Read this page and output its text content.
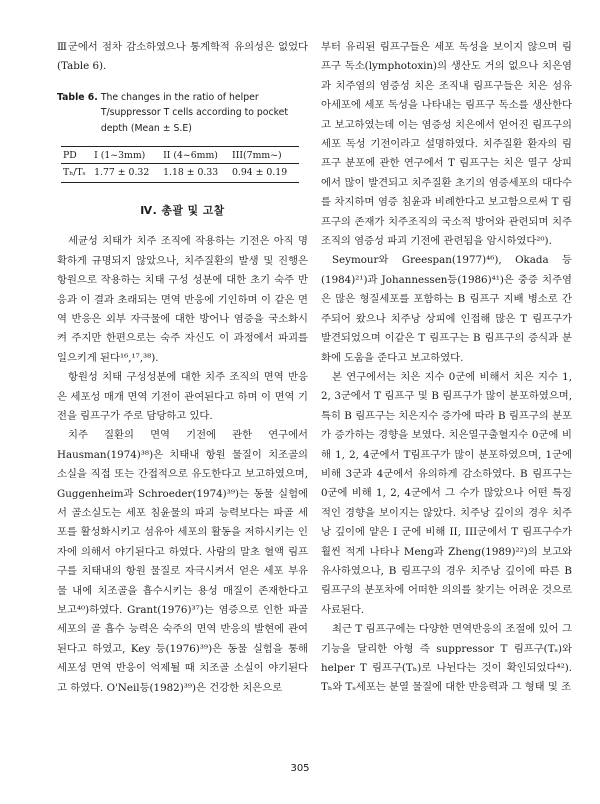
Ⅲ군에서 점차 감소하였으나 통계학적 유의성은 없었다(Table 6).

Table 6. The changes in the ratio of helper T/suppressor T cells according to pocket depth (Mean ± S.E)
PD	I (1~3mm)	II (4~6mm)	III(7mm~)
Tₕ/Tₛ	1.77 ± 0.32	1.18 ± 0.33	0.94 ± 0.19
Ⅳ. 총괄 및 고찰

세균성 치태가 치주 조직에 작용하는 기전은 아직 명확하게 규명되지 않았으나, 치주질환의 발생 및 진행은 항원으로 작용하는 치태 구성 성분에 대한 초기 숙주 반응과 이 결과 초래되는 면역 반응에 기인하며 이 같은 면역 반응은 외부 자극물에 대한 방어나 염증을 국소화시켜 주지만 한편으로는 숙주 자신도 이 과정에서 파괴를 일으키게 된다¹⁶,¹⁷,³⁸).

항원성 치태 구성성분에 대한 치주 조직의 면역 반응은 세포성 매개 면역 기전이 관여된다고 하며 이 면역 기전을 림프구가 주로 담당하고 있다.

치주 질환의 면역 기전에 관한 연구에서 Hausman(1974)³⁸)은 치태내 항원 물질이 치조골의 소실을 직접 또는 간접적으로 유도한다고 보고하였으며, Guggenheim과 Schroeder(1974)³⁹)는 동물 실험에서 골소실도는 세포 침윤물의 파괴 능력보다는 파골 세포를 활성화시키고 섬유아 세포의 활동을 저하시키는 인자에 의해서 야기된다고 하였다. 사람의 말초 혈액 림프구를 치태내의 항원 물질로 자극시켜서 얻은 세포 부유물 내에 치조골을 흡수시키는 용성 매질이 존재한다고 보고⁴⁰)하였다. Grant(1976)³⁷)는 염증으로 인한 파골 세포의 골 흡수 능력은 숙주의 면역 반응의 발현에 관여 된다고 하였고, Key 등(1976)³⁹)은 동물 실험을 통해 세포성 면역 반응이 억제될 때 치조골 소실이 야기된다고 하였다. O'Neil등(1982)³⁹)은 건강한 치은으로

부터 유리된 림프구들은 세포 독성을 보이지 않으며 림프구 독소(lymphotoxin)의 생산도 거의 없으나 치은염과 치주염의 염증성 치은 조직내 림프구들은 치은 섬유아세포에 세포 독성을 나타내는 림프구 독소를 생산한다고 보고하였는데 이는 염증성 치은에서 얻어진 림프구의 세포 독성 기전이라고 설명하였다. 치주질환 환자의 림프구 분포에 관한 연구에서 T 림프구는 치은 열구 상피에서 많이 발견되고 치주질환 초기의 염증세포의 대다수를 차지하며 염증 침윤과 비례한다고 보고함으로써 T 림프구의 존재가 치주조직의 국소적 방어와 관련되며 치주조직의 염증성 파괴 기전에 관련됨을 암시하였다²⁰).

Seymour와 Greespan(1977)⁴⁶), Okada 등(1984)²¹)과 Johannessen등(1986)⁴¹)은 중증 치주염은 많은 형질세포를 포함하는 B 림프구 지배 병소로 간주되어 왔으나 치주낭 상피에 인접해 많은 T 림프구가 발견되었으며 이같은 T 림프구는 B 림프구의 증식과 분화에 도움을 준다고 보고하였다.

본 연구에서는 치은 지수 0군에 비해서 치은 지수 1, 2, 3군에서 T 림프구 및 B 림프구가 많이 분포하였으며, 특히 B 림프구는 치은지수 증가에 따라 B 림프구의 분포가 증가하는 경향을 보였다. 치은열구출혈지수 0군에 비해 1, 2, 4군에서 T림프구가 많이 분포하였으며, 1군에 비해 3군과 4군에서 유의하게 감소하였다. B 림프구는 0군에 비해 1, 2, 4군에서 그 수가 많았으나 어떤 특징적인 경향을 보이지는 않았다. 치주낭 깊이의 경우 치주낭 깊이에 얕은 I 군에 비해 II, III군에서 T 림프구수가 훨씬 적게 나타나 Meng과 Zheng(1989)²²)의 보고와 유사하였으나, B 림프구의 경우 치주낭 깊이에 따른 B 림프구의 분포차에 어떠한 의의를 찾기는 어려운 것으로 사료된다.

최근 T 림프구에는 다양한 면역반응의 조절에 있어 그 기능을 달리한 아형 즉 suppressor T 림프구(Tₛ)와 helper T 림프구(Tₕ)로 나뉜다는 것이 확인되었다⁴²). Tₕ와 Tₛ세포는 분열 물질에 대한 반응력과 그 형태 및 조

305
